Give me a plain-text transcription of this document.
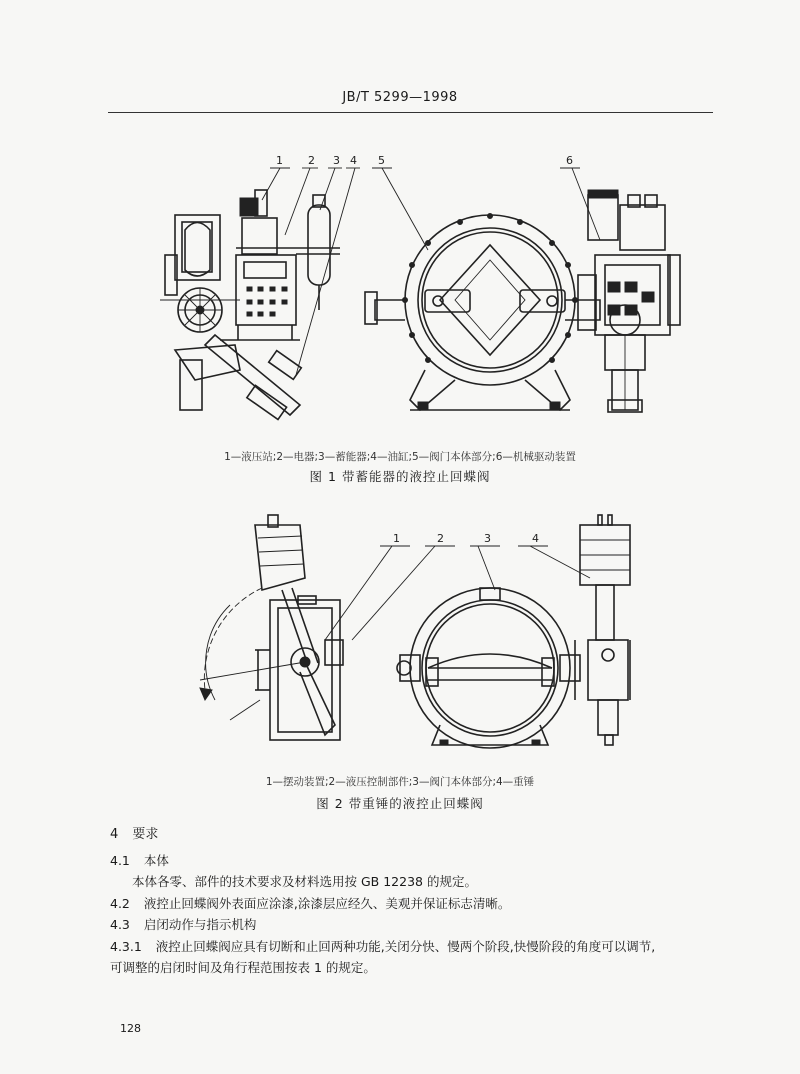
JB/T 5299—1998
1 2 3 4 5	6
1	2	3	4
1—液压站;2—电器;3—蓄能器;4—油缸;5—阀门本体部分;6—机械驱动装置
图 1 带蓄能器的液控止回蝶阀
1—摆动装置;2—液压控制部件;3—阀门本体部分;4—重锤
图 2 带重锤的液控止回蝶阀
4 要求
4.1 本体
本体各零、部件的技术要求及材料选用按 GB 12238 的规定。
4.2 液控止回蝶阀外表面应涂漆,涂漆层应经久、美观并保证标志清晰。
4.3 启闭动作与指示机构
4.3.1 液控止回蝶阀应具有切断和止回两种功能,关闭分快、慢两个阶段,快慢阶段的角度可以调节,
可调整的启闭时间及角行程范围按表 1 的规定。
128
